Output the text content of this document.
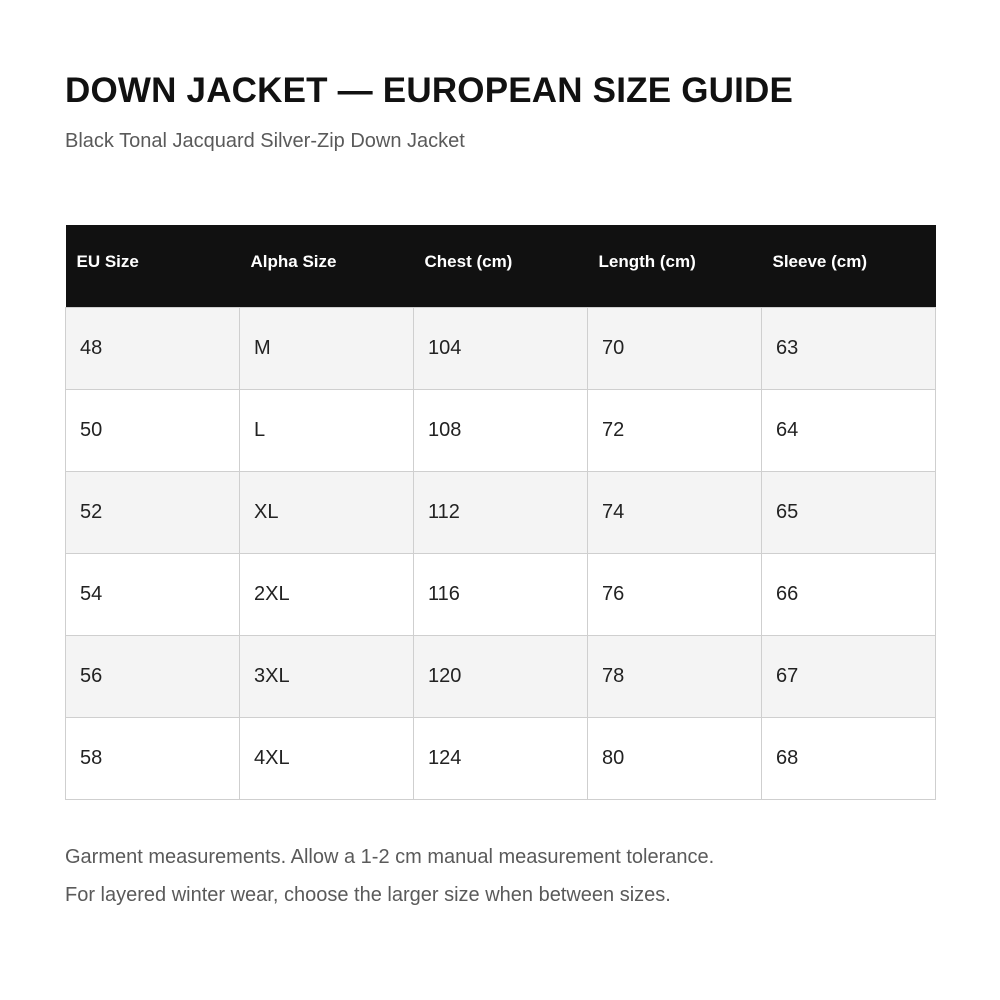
DOWN JACKET — EUROPEAN SIZE GUIDE
Black Tonal Jacquard Silver-Zip Down Jacket
EU Size	Alpha Size	Chest (cm)	Length (cm)	Sleeve (cm)
48	M	104	70	63
50	L	108	72	64
52	XL	112	74	65
54	2XL	116	76	66
56	3XL	120	78	67
58	4XL	124	80	68

Garment measurements. Allow a 1-2 cm manual measurement tolerance.

For layered winter wear, choose the larger size when between sizes.
